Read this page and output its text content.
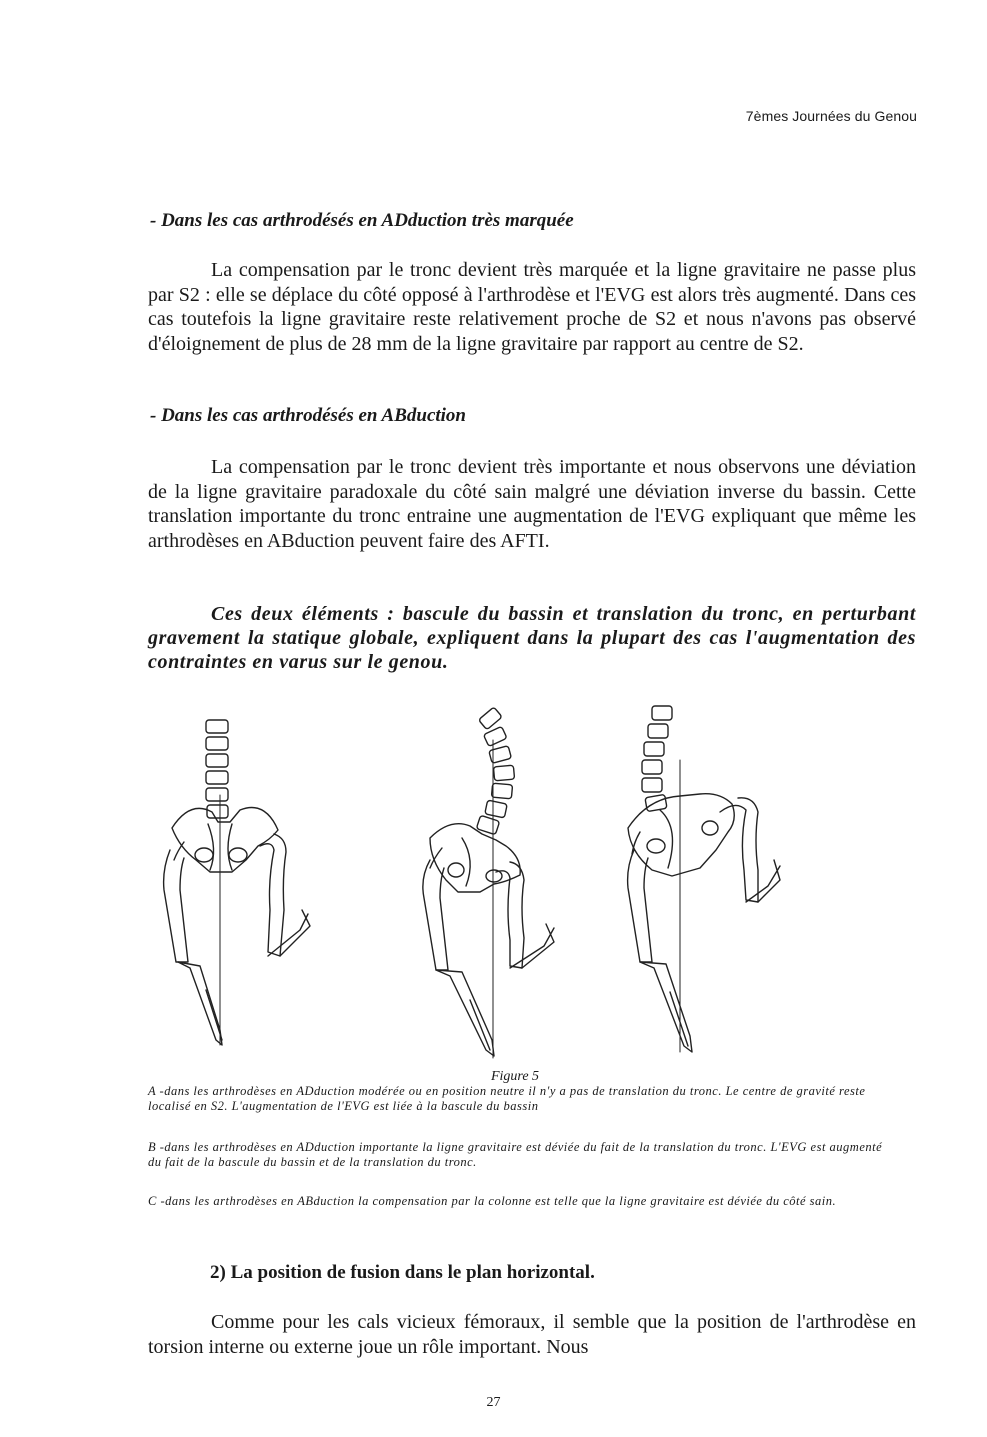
7èmes Journées du Genou
- Dans les cas arthrodésés en ADduction très marquée
La compensation par le tronc devient très marquée et la ligne gravitaire ne passe plus par S2 : elle se déplace du côté opposé à l'arthrodèse et l'EVG est alors très augmenté. Dans ces cas toutefois la ligne gravitaire reste relativement proche de S2 et nous n'avons pas observé d'éloignement de plus de 28 mm de la ligne gravitaire par rapport au centre de S2.
- Dans les cas arthrodésés en ABduction
La compensation par le tronc devient très importante et nous observons une déviation de la ligne gravitaire paradoxale du côté sain malgré une déviation inverse du bassin. Cette translation importante du tronc entraine une augmentation de l'EVG expliquant que même les arthrodèses en ABduction peuvent faire des AFTI.
Ces deux éléments : bascule du bassin et translation du tronc, en perturbant gravement la statique globale, expliquent dans la plupart des cas l'augmentation des contraintes en varus sur le genou.
Figure 5
A -dans les arthrodèses en ADduction modérée ou en position neutre il n'y a pas de translation du tronc. Le centre de gravité reste localisé en S2. L'augmentation de l'EVG est liée à la bascule du bassin
B -dans les arthrodèses en ADduction importante la ligne gravitaire est déviée du fait de la translation du tronc. L'EVG est augmenté du fait de la bascule du bassin et de la translation du tronc.
C -dans les arthrodèses en ABduction la compensation par la colonne est telle que la ligne gravitaire est déviée du côté sain.
2) La position de fusion dans le plan horizontal.
Comme pour les cals vicieux fémoraux, il semble que la position de l'arthrodèse en torsion interne ou externe joue un rôle important. Nous
27
